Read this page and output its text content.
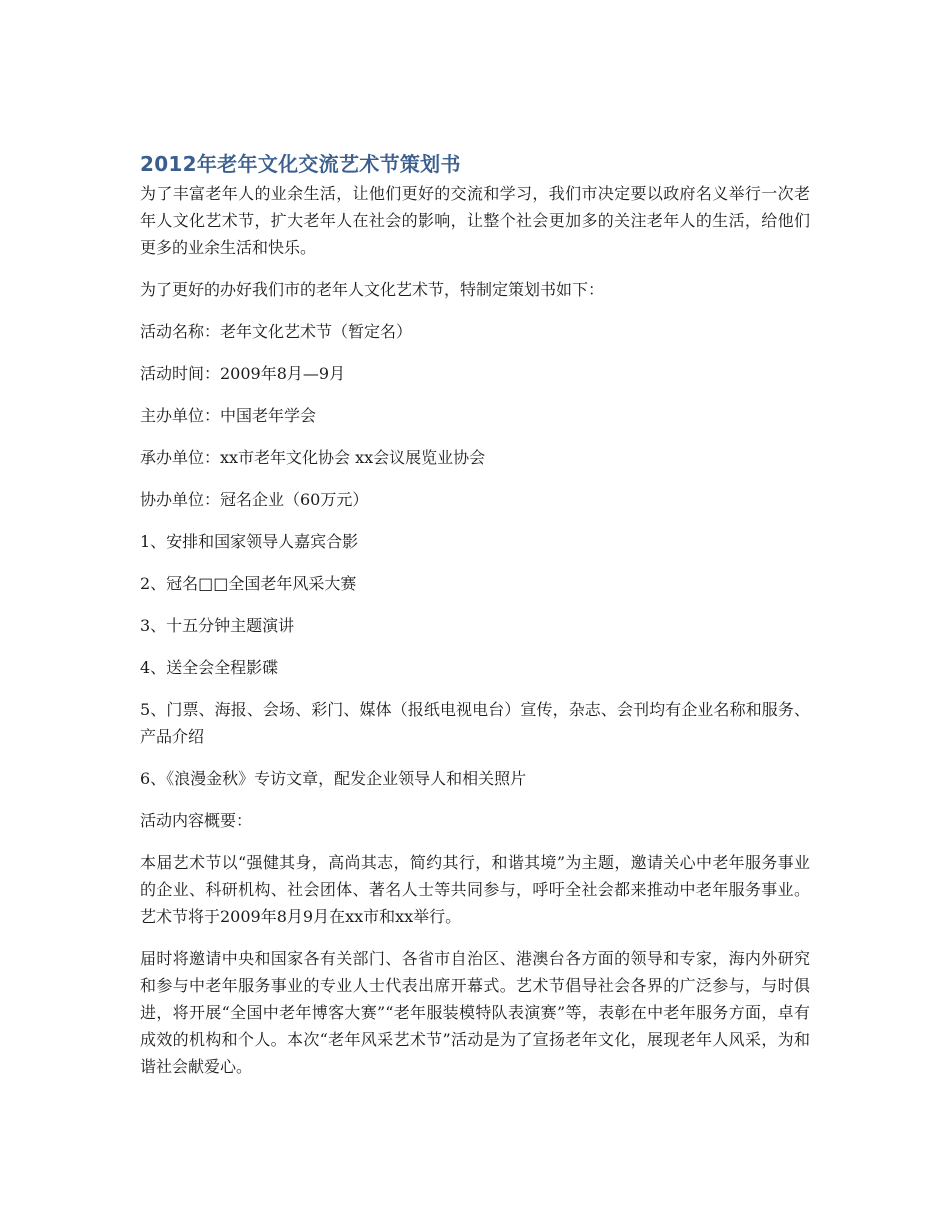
2012年老年文化交流艺术节策划书

为了丰富老年人的业余生活，让他们更好的交流和学习，我们市决定要以政府名义举行一次老年人文化艺术节，扩大老年人在社会的影响，让整个社会更加多的关注老年人的生活，给他们更多的业余生活和快乐。

为了更好的办好我们市的老年人文化艺术节，特制定策划书如下：

活动名称：老年文化艺术节（暂定名）

活动时间：2009年8月—9月

主办单位：中国老年学会

承办单位：xx市老年文化协会 xx会议展览业协会

协办单位：冠名企业（60万元）

1、安排和国家领导人嘉宾合影

2、冠名□□全国老年风采大赛

3、十五分钟主题演讲

4、送全会全程影碟

5、门票、海报、会场、彩门、媒体（报纸电视电台）宣传，杂志、会刊均有企业名称和服务、产品介绍

6、《浪漫金秋》专访文章，配发企业领导人和相关照片

活动内容概要：

本届艺术节以“强健其身，高尚其志，简约其行，和谐其境”为主题，邀请关心中老年服务事业的企业、科研机构、社会团体、著名人士等共同参与，呼吁全社会都来推动中老年服务事业。艺术节将于2009年8月9月在xx市和xx举行。

届时将邀请中央和国家各有关部门、各省市自治区、港澳台各方面的领导和专家，海内外研究和参与中老年服务事业的专业人士代表出席开幕式。艺术节倡导社会各界的广泛参与，与时俱进，将开展“全国中老年博客大赛”“老年服装模特队表演赛”等，表彰在中老年服务方面，卓有成效的机构和个人。本次“老年风采艺术节”活动是为了宣扬老年文化，展现老年人风采，为和谐社会献爱心。
